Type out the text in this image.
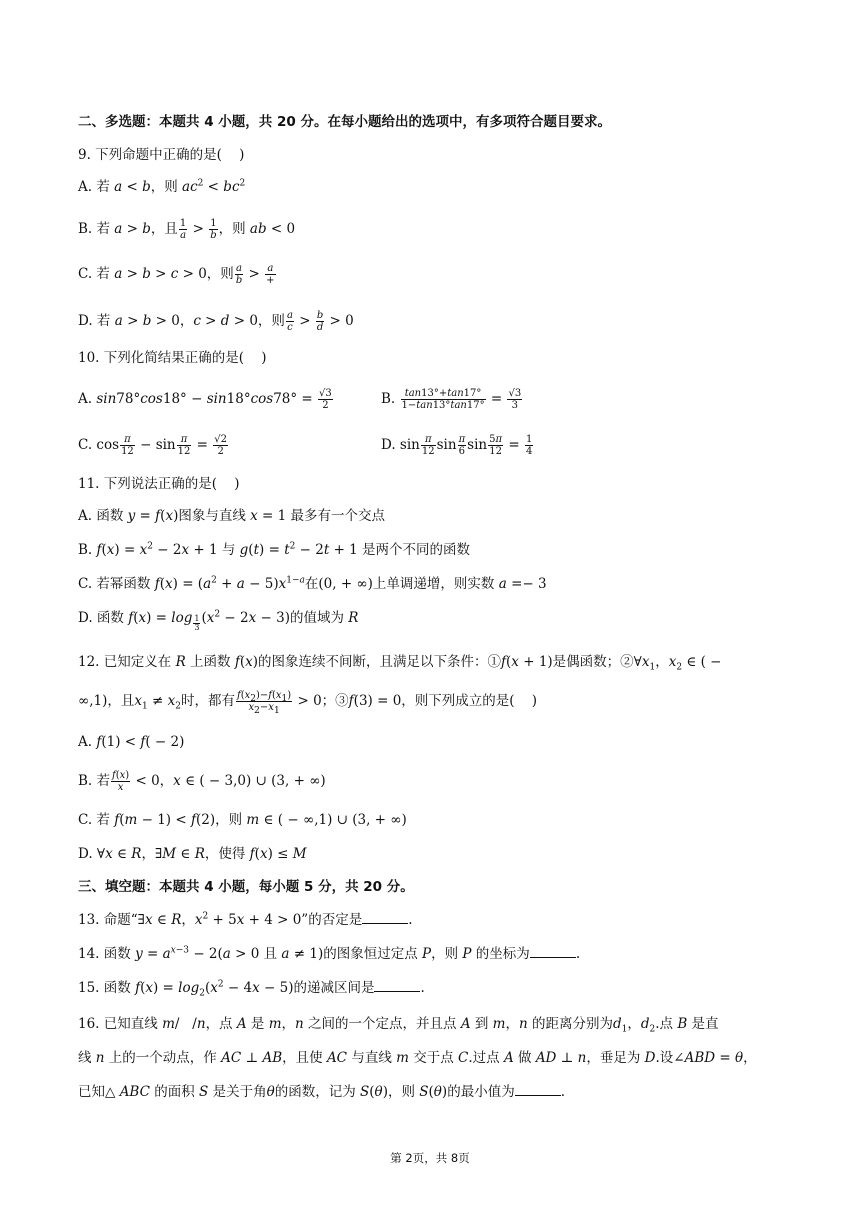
二、多选题：本题共 4 小题，共 20 分。在每小题给出的选项中，有多项符合题目要求。
9. 下列命题中正确的是(    )
A. 若 a < b，则 $ac^2 < bc^2$
B. 若 a > b，且 $\frac{1}{a} > \frac{1}{b}$ ，则 ab < 0
C. 若 a > b > c > 0，则 $\frac{a}{b} > \frac{a}{+}$
D. 若 a > b > 0，c > d > 0，则 $\frac{a}{c} > \frac{b}{d} > 0$
10. 下列化简结果正确的是(    )
A. $\sin 78^\circ\cos 18^\circ - \sin 18^\circ\cos 78^\circ = \frac{√3}{2}$	B. $\frac{\tan 13^\circ+\tan 17^\circ}{1-\tan 13^\circ\tan 17^\circ} = \frac{√3}{3}$
C. $\cos \frac{\pi}{12} - \sin \frac{\pi}{12} = \frac{√2}{2}$	D. $\sin \frac{\pi}{12}$ $\sin \frac{\pi}{6}$ $\sin \frac{5\pi}{12} = \frac{1}{4}$
11. 下列说法正确的是(    )
A. 函数 y = f(x)图象与直线 x = 1 最多有一个交点
B. $f(x) = x^2 - 2x + 1$ 与 $g(t) = t^2 - 2t + 1$ 是两个不同的函数
C. 若幂函数 $f(x) = (a^2 + a - 5)x^{1-a}$在(0, + ∞)上单调递增，则实数 a =− 3
D. 函数 f(x) = log $_{\frac{1}{3}}$ $(x^2 - 2x - 3)$的值域为 R
12. 已知定义在 R 上函数 f(x)的图象连续不间断，且满足以下条件：①f(x + 1)是偶函数；$②\forall x_1$，$x_2$ ∈ ( −
∞,1)，且$x_1 \ne x_2$时，都有 $\frac{f(x_2)-f(x_1)}{x_2-x_1} > 0$；③f(3) = 0，则下列成立的是(    )
A. f(1) < f( − 2)
B. 若 $\frac{f(x)}{x} < 0$，x ∈ ( − 3,0) ∪ (3, + ∞)
C. 若 f(m − 1) < f(2)，则 m ∈ ( − ∞,1) ∪ (3, + ∞)
D. ∀x ∈ R，∃M ∈ R，使得 f(x) ≤ M
三、填空题：本题共 4 小题，每小题 5 分，共 20 分。
13. 命题“∃x ∈ R，$x^2 + 5x + 4 > 0$”的否定是	.
14. 函数 $y = a^{x-3} - 2(a > 0$ 且 a ≠ 1)的图象恒过定点 P，则 P 的坐标为	.
15. 函数 $f(x) = \log_2(x^2 - 4x - 5)$的递减区间是	.
16. 已知直线 m/   /n，点 A 是 m，n 之间的一个定点，并且点 A 到 m，n 的距离分别为$d_1$，$d_2$.点 B 是直
线 n 上的一个动点，作 AC ⊥ AB，且使 AC 与直线 m 交于点 C.过点 A 做 AD ⊥ n，垂足为 D.设∠ABD = θ，
已知△ ABC 的面积 S 是关于角θ的函数，记为 S(θ)，则 S(θ)的最小值为	.
第 2页，共 8页
